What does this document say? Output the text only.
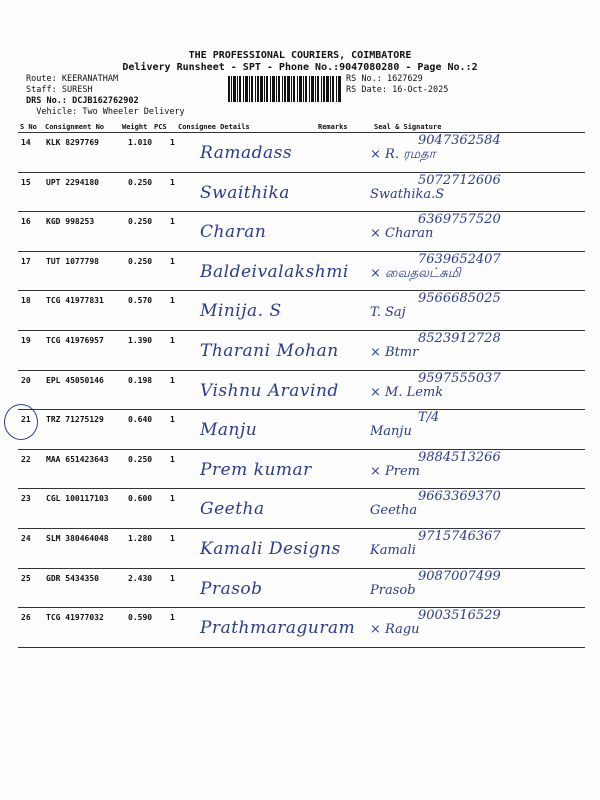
THE PROFESSIONAL COURIERS, COIMBATORE
Delivery Runsheet - SPT - Phone No.:9047080280 - Page No.:2
Route: KEERANATHAM
Staff: SURESH
DRS No.: DCJB162762902
Vehicle: Two Wheeler Delivery
RS No.: 1627629
RS Date: 16-Oct-2025
S No Consignment No	Weight PCS Consignee Details	Remarks	Seal & Signature
14 KLK 8297769	1.010 1
Ramadass
9047362584
× R. ரமதா
15 UPT 2294180	0.250 1
Swaithika
5072712606
Swathika.S
16 KGD 998253	0.250 1
Charan
6369757520
× Charan
17 TUT 1077798	0.250 1
Baldeivalakshmi
7639652407
× வைதலட்சுமி
18 TCG 41977831	0.570 1
Minija. S
9566685025
T. Saj
19 TCG 41976957	1.390 1
Tharani Mohan
8523912728
× Btmr
20 EPL 45050146	0.198 1
Vishnu Aravind
9597555037
× M. Lemk
21 TRZ 71275129	0.640 1
Manju
T/4
Manju
22 MAA 651423643 0.250 1
Prem kumar
9884513266
× Prem
23 CGL 100117103 0.600 1
Geetha
9663369370
Geetha
24 SLM 380464048 1.280 1
Kamali Designs
9715746367
Kamali
25 GDR 5434350	2.430 1
Prasob
9087007499
Prasob
26 TCG 41977032	0.590 1
Prathmaraguram
9003516529
× Ragu
